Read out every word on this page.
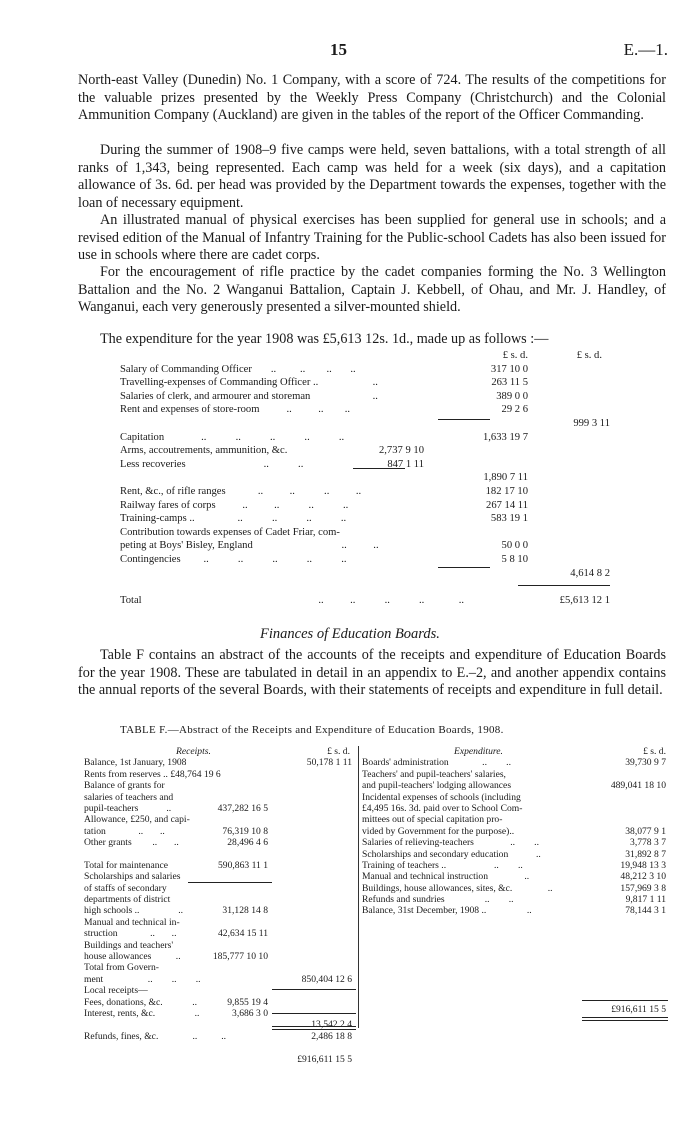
15	E.—1.

North-east Valley (Dunedin) No. 1 Company, with a score of 724. The results of the competitions for the valuable prizes presented by the Weekly Press Company (Christchurch) and the Colonial Ammunition Company (Auckland) are given in the tables of the report of the Officer Commanding.

During the summer of 1908–9 five camps were held, seven battalions, with a total strength of all ranks of 1,343, being represented. Each camp was held for a week (six days), and a capitation allowance of 3s. 6d. per head was provided by the Department towards the expenses, together with the loan of necessary equipment.

An illustrated manual of physical exercises has been supplied for general use in schools; and a revised edition of the Manual of Infantry Training for the Public-school Cadets has also been issued for use in schools where there are cadet corps.

For the encouragement of rifle practice by the cadet companies forming the No. 3 Wellington Battalion and the No. 2 Wanganui Battalion, Captain J. Kebbell, of Ohau, and Mr. J. Handley, of Wanganui, each very generously presented a silver-mounted shield.

The expenditure for the year 1908 was £5,613 12s. 1d., made up as follows :—

£ s. d.	£ s. d.
Salary of Commanding Officer ..         ..        ..       ..	317 10 0
Travelling-expenses of Commanding Officer ..	..	263 11 5
Salaries of clerk, and armourer and storeman	..	389 0 0
Rent and expenses of store-room ..          ..        ..	29 2 6
999 3 11
Capitation ..           ..           ..           ..           ..	1,633 19 7
Arms, accoutrements, ammunition, &c.	2,737 9 10
Less recoveries	..           ..	847 1 11
1,890 7 11
Rent, &c., of rifle ranges	..          ..           ..          ..	182 17 10
Railway fares of corps ..          ..           ..           ..	267 14 11
Training-camps .. ..           ..           ..           ..	583 19 1
Contribution towards expenses of Cadet Friar, com-
peting at Boys' Bisley, England	..          ..	50 0 0
Contingencies ..           ..           ..           ..           ..	5 8 10
4,614 8 2
Total	..          ..           ..           ..             ..	£5,613 12 1
Finances of Education Boards.

Table F contains an abstract of the accounts of the receipts and expenditure of Education Boards for the year 1908. These are tabulated in detail in an appendix to E.–2, and another appendix contains the annual reports of the several Boards, with their statements of receipts and expenditure in full detail.

TABLE F.—Abstract of the Receipts and Expenditure of Education Boards, 1908.
Receipts.	£ s. d.
Balance, 1st January, 1908	50,178 1 11
Rents from reserves .. £48,764 19 6
Balance of grants for
salaries of teachers and
pupil-teachers ..	437,282 16 5
Allowance, £250, and capi-
tation ..       ..	76,319 10 8
Other grants ..       ..	28,496 4 6
Total for maintenance	590,863 11 1
Scholarships and salaries
of staffs of secondary
departments of district
high schools ..	..	31,128 14 8
Manual and technical in-
struction ..       ..	42,634 15 11
Buildings and teachers'
house allowances ..	185,777 10 10
Total from Govern-
ment	..        ..        ..	850,404 12 6
Local receipts—
Fees, donations, &c.	..	9,855 19 4
Interest, rents, &c.	..	3,686 3 0
13,542 2 4
Refunds, fines, &c. ..          ..	2,486 18 8
£916,611 15 5
Expenditure.	£ s. d.
Boards' administration ..        ..	39,730 9 7
Teachers' and pupil-teachers' salaries,
and pupil-teachers' lodging allowances	489,041 18 10
Incidental expenses of schools (including
£4,495 16s. 3d. paid over to School Com-
mittees out of special capitation pro-
vided by Government for the purpose)..	38,077 9 1
Salaries of relieving-teachers	..        ..	3,778 3 7
Scholarships and secondary education ..	31,892 8 7
Training of teachers ..	..        ..	19,948 13 3
Manual and technical instruction	..	48,212 3 10
Buildings, house allowances, sites, &c.	..	157,969 3 8
Refunds and sundries ..        ..	9,817 1 11
Balance, 31st December, 1908 .. ..	78,144 3 1
£916,611 15 5
